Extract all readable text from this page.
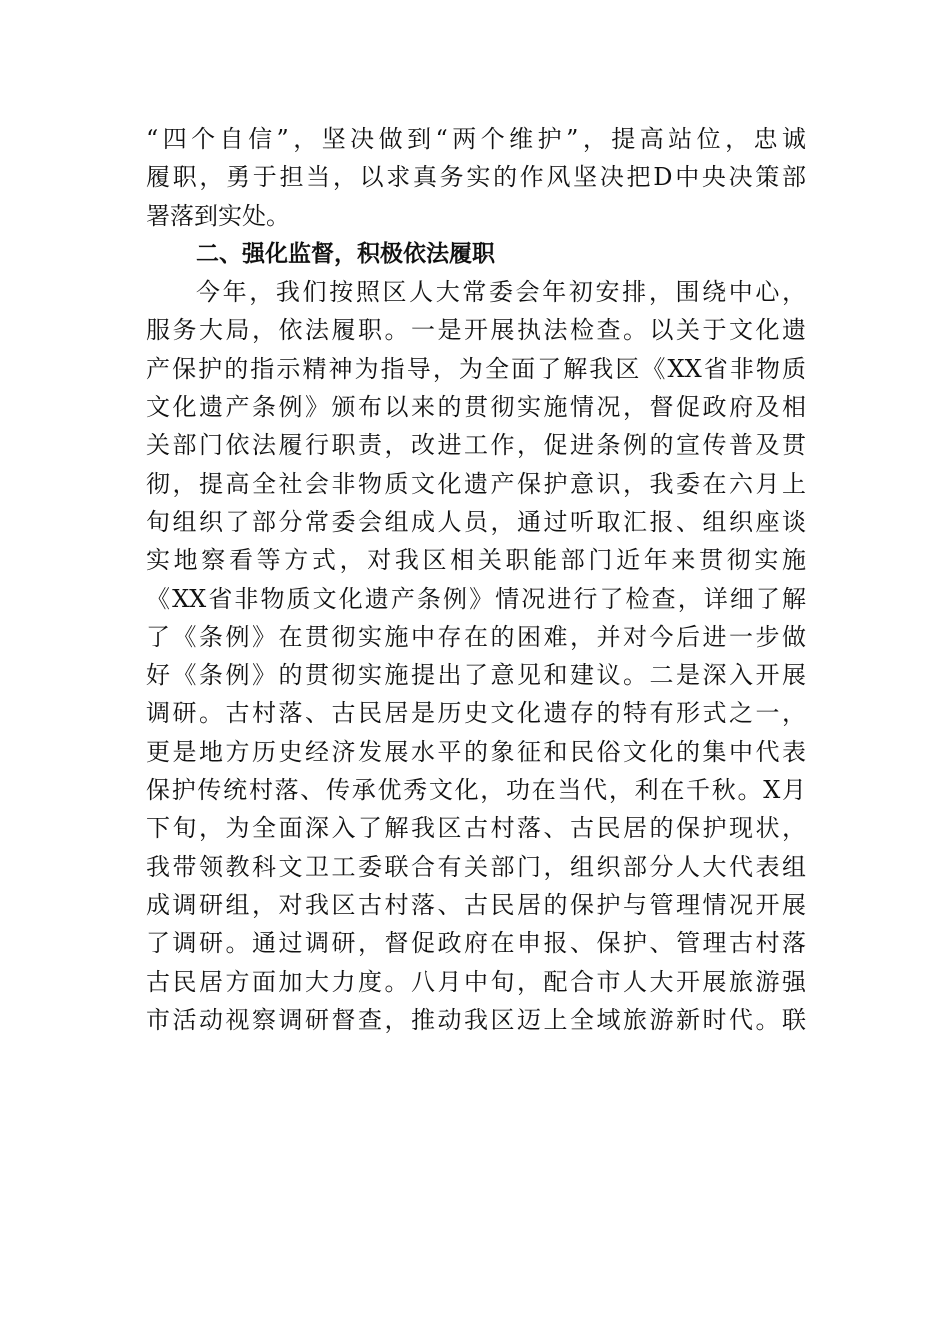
“四个自信”，坚决做到“两个维护”，提高站位，忠诚
履职，勇于担当，以求真务实的作风坚决把D中央决策部
署落到实处。
二、强化监督，积极依法履职
今年，我们按照区人大常委会年初安排，围绕中心，
服务大局，依法履职。一是开展执法检查。以关于文化遗
产保护的指示精神为指导，为全面了解我区《XX省非物质
文化遗产条例》颁布以来的贯彻实施情况，督促政府及相
关部门依法履行职责，改进工作，促进条例的宣传普及贯
彻，提高全社会非物质文化遗产保护意识，我委在六月上
旬组织了部分常委会组成人员，通过听取汇报、组织座谈
实地察看等方式，对我区相关职能部门近年来贯彻实施
《XX省非物质文化遗产条例》情况进行了检查，详细了解
了《条例》在贯彻实施中存在的困难，并对今后进一步做
好《条例》的贯彻实施提出了意见和建议。二是深入开展
调研。古村落、古民居是历史文化遗存的特有形式之一，
更是地方历史经济发展水平的象征和民俗文化的集中代表
保护传统村落、传承优秀文化，功在当代，利在千秋。X月
下旬，为全面深入了解我区古村落、古民居的保护现状，
我带领教科文卫工委联合有关部门，组织部分人大代表组
成调研组，对我区古村落、古民居的保护与管理情况开展
了调研。通过调研，督促政府在申报、保护、管理古村落
古民居方面加大力度。八月中旬，配合市人大开展旅游强
市活动视察调研督查，推动我区迈上全域旅游新时代。联
